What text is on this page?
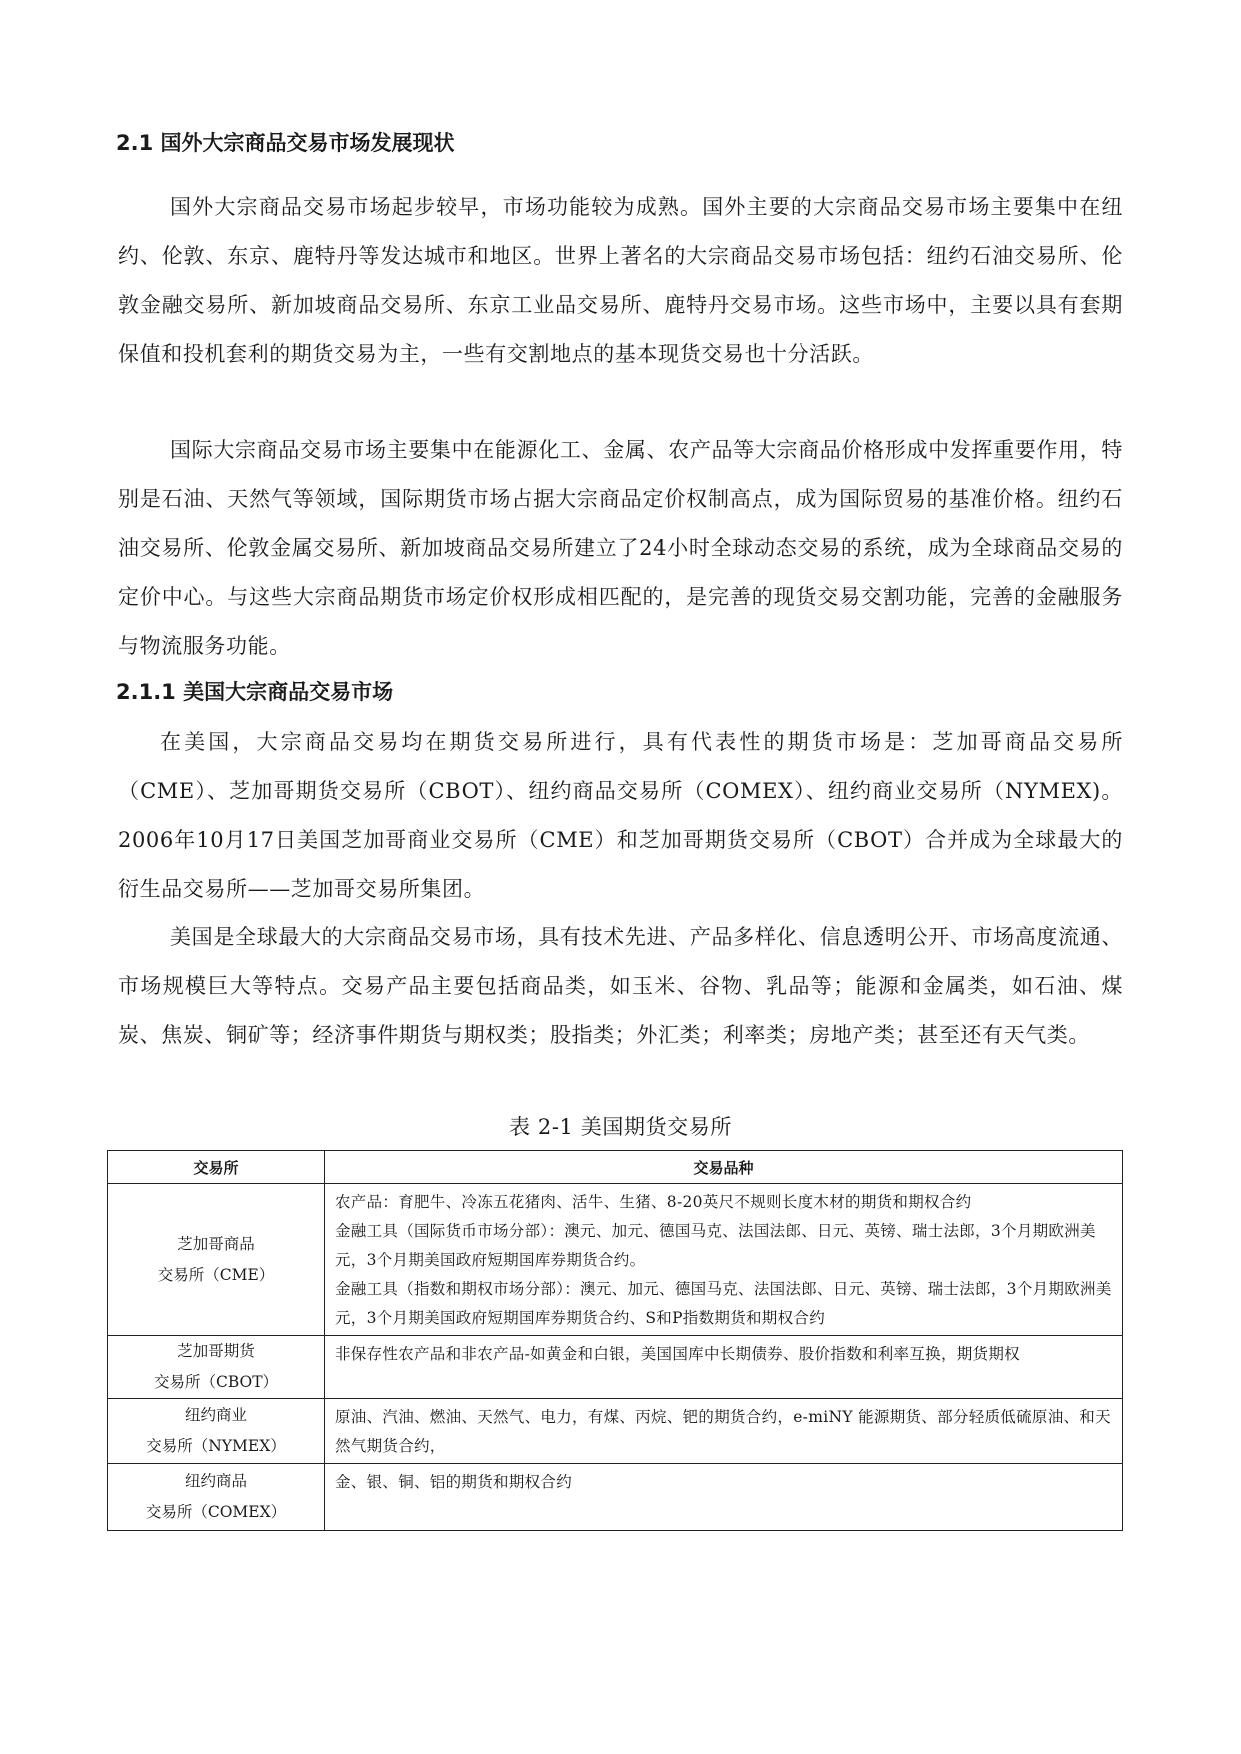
2.1 国外大宗商品交易市场发展现状

国外大宗商品交易市场起步较早，市场功能较为成熟。国外主要的大宗商品交易市场主要集中在纽约、伦敦、东京、鹿特丹等发达城市和地区。世界上著名的大宗商品交易市场包括：纽约石油交易所、伦敦金融交易所、新加坡商品交易所、东京工业品交易所、鹿特丹交易市场。这些市场中，主要以具有套期保值和投机套利的期货交易为主，一些有交割地点的基本现货交易也十分活跃。

国际大宗商品交易市场主要集中在能源化工、金属、农产品等大宗商品价格形成中发挥重要作用，特别是石油、天然气等领域，国际期货市场占据大宗商品定价权制高点，成为国际贸易的基准价格。纽约石油交易所、伦敦金属交易所、新加坡商品交易所建立了24小时全球动态交易的系统，成为全球商品交易的定价中心。与这些大宗商品期货市场定价权形成相匹配的，是完善的现货交易交割功能，完善的金融服务与物流服务功能。

2.1.1 美国大宗商品交易市场

在美国，大宗商品交易均在期货交易所进行，具有代表性的期货市场是：芝加哥商品交易所（CME）、芝加哥期货交易所（CBOT）、纽约商品交易所（COMEX）、纽约商业交易所（NYMEX)。2006年10月17日美国芝加哥商业交易所（CME）和芝加哥期货交易所（CBOT）合并成为全球最大的衍生品交易所——芝加哥交易所集团。

美国是全球最大的大宗商品交易市场，具有技术先进、产品多样化、信息透明公开、市场高度流通、市场规模巨大等特点。交易产品主要包括商品类，如玉米、谷物、乳品等；能源和金属类，如石油、煤炭、焦炭、铜矿等；经济事件期货与期权类；股指类；外汇类；利率类；房地产类；甚至还有天气类。

表 2-1 美国期货交易所

交易所	交易品种

芝加哥商品
交易所（CME）	农产品：育肥牛、冷冻五花猪肉、活牛、生猪、8-20英尺不规则长度木材的期货和期权合约
金融工具（国际货币市场分部）：澳元、加元、德国马克、法国法郎、日元、英镑、瑞士法郎，3个月期欧洲美元，3个月期美国政府短期国库券期货合约。
金融工具（指数和期权市场分部）：澳元、加元、德国马克、法国法郎、日元、英镑、瑞士法郎，3个月期欧洲美元，3个月期美国政府短期国库券期货合约、S和P指数期货和期权合约

芝加哥期货
交易所（CBOT）	非保存性农产品和非农产品-如黄金和白银，美国国库中长期债券、股价指数和利率互换，期货期权

纽约商业
交易所（NYMEX）	原油、汽油、燃油、天然气、电力，有煤、丙烷、钯的期货合约，e-miNY 能源期货、部分轻质低硫原油、和天然气期货合约，

纽约商品
交易所（COMEX）	金、银、铜、铝的期货和期权合约
